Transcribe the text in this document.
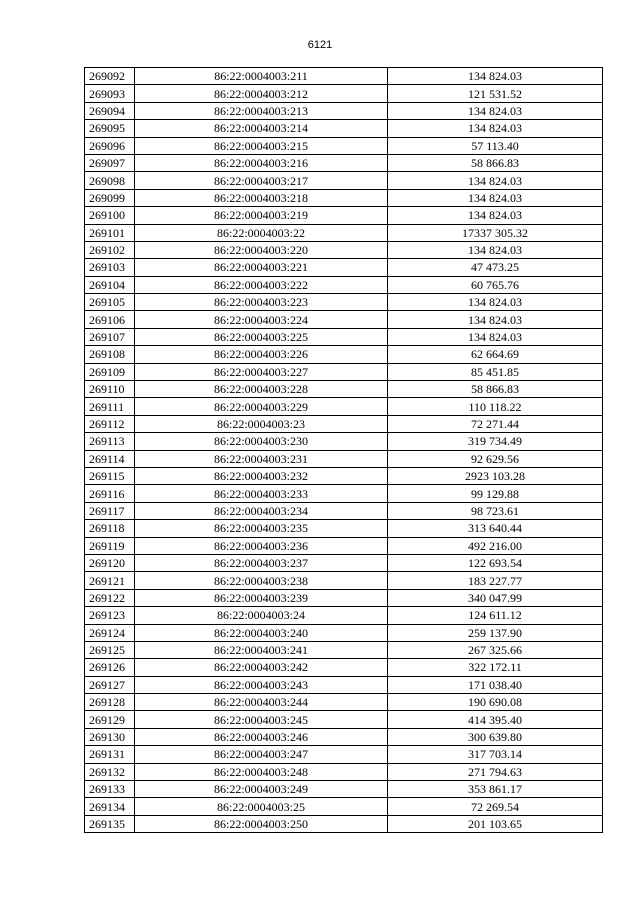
6121
269092	86:22:0004003:211	134 824.03
269093	86:22:0004003:212	121 531.52
269094	86:22:0004003:213	134 824.03
269095	86:22:0004003:214	134 824.03
269096	86:22:0004003:215	57 113.40
269097	86:22:0004003:216	58 866.83
269098	86:22:0004003:217	134 824.03
269099	86:22:0004003:218	134 824.03
269100	86:22:0004003:219	134 824.03
269101	86:22:0004003:22	17337 305.32
269102	86:22:0004003:220	134 824.03
269103	86:22:0004003:221	47 473.25
269104	86:22:0004003:222	60 765.76
269105	86:22:0004003:223	134 824.03
269106	86:22:0004003:224	134 824.03
269107	86:22:0004003:225	134 824.03
269108	86:22:0004003:226	62 664.69
269109	86:22:0004003:227	85 451.85
269110	86:22:0004003:228	58 866.83
269111	86:22:0004003:229	110 118.22
269112	86:22:0004003:23	72 271.44
269113	86:22:0004003:230	319 734.49
269114	86:22:0004003:231	92 629.56
269115	86:22:0004003:232	2923 103.28
269116	86:22:0004003:233	99 129.88
269117	86:22:0004003:234	98 723.61
269118	86:22:0004003:235	313 640.44
269119	86:22:0004003:236	492 216.00
269120	86:22:0004003:237	122 693.54
269121	86:22:0004003:238	183 227.77
269122	86:22:0004003:239	340 047.99
269123	86:22:0004003:24	124 611.12
269124	86:22:0004003:240	259 137.90
269125	86:22:0004003:241	267 325.66
269126	86:22:0004003:242	322 172.11
269127	86:22:0004003:243	171 038.40
269128	86:22:0004003:244	190 690.08
269129	86:22:0004003:245	414 395.40
269130	86:22:0004003:246	300 639.80
269131	86:22:0004003:247	317 703.14
269132	86:22:0004003:248	271 794.63
269133	86:22:0004003:249	353 861.17
269134	86:22:0004003:25	72 269.54
269135	86:22:0004003:250	201 103.65
